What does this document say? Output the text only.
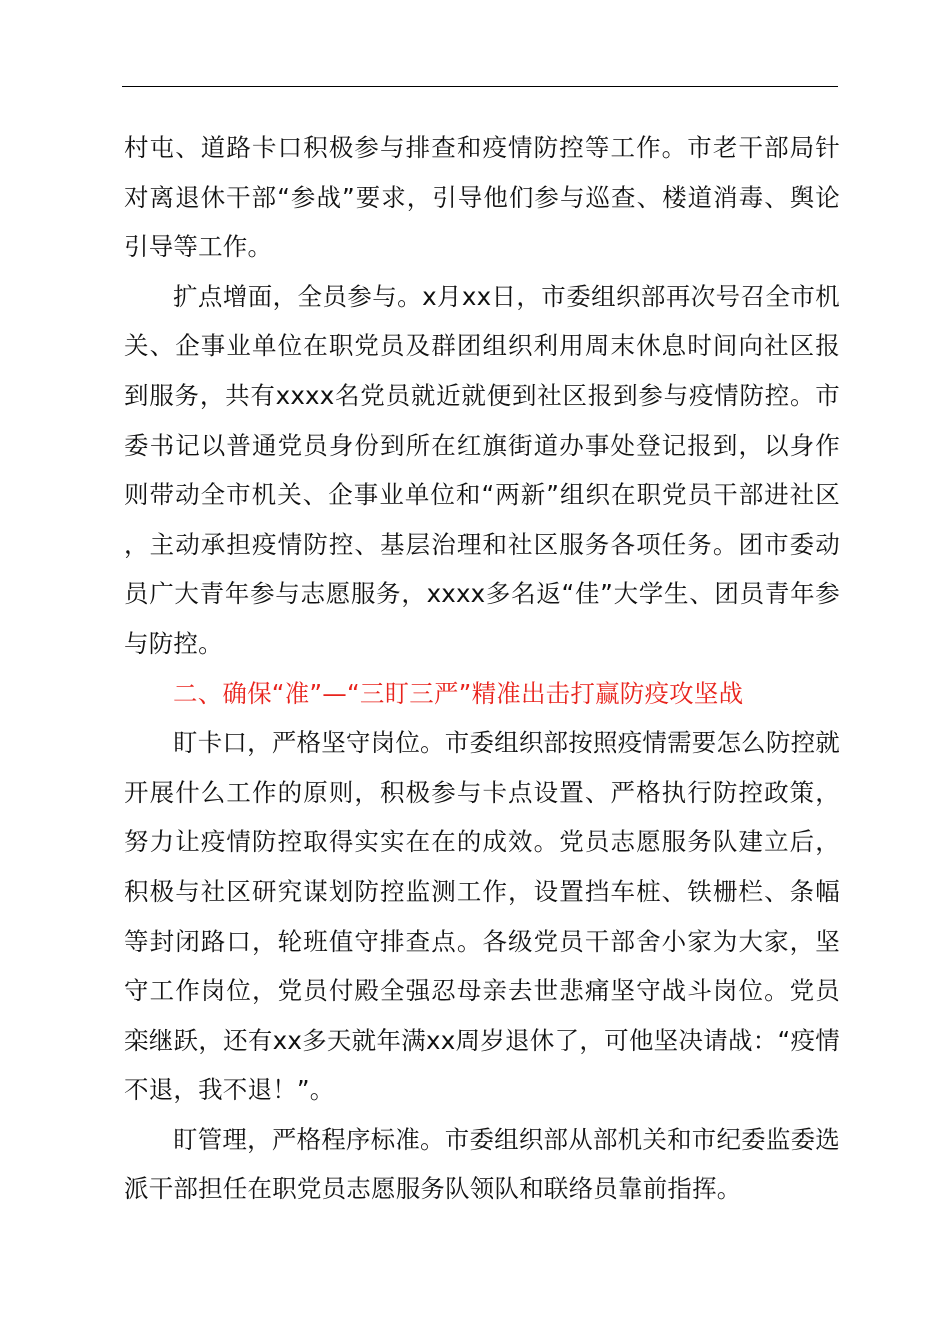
村屯、道路卡口积极参与排查和疫情防控等工作。市老干部局针对离退休干部“参战”要求，引导他们参与巡查、楼道消毒、舆论引导等工作。

扩点增面，全员参与。x月xx日，市委组织部再次号召全市机关、企事业单位在职党员及群团组织利用周末休息时间向社区报到服务，共有xxxx名党员就近就便到社区报到参与疫情防控。市委书记以普通党员身份到所在红旗街道办事处登记报到，以身作则带动全市机关、企事业单位和“两新”组织在职党员干部进社区，主动承担疫情防控、基层治理和社区服务各项任务。团市委动员广大青年参与志愿服务，xxxx多名返“佳”大学生、团员青年参与防控。

二、确保“准”—“三盯三严”精准出击打赢防疫攻坚战

盯卡口，严格坚守岗位。市委组织部按照疫情需要怎么防控就开展什么工作的原则，积极参与卡点设置、严格执行防控政策，努力让疫情防控取得实实在在的成效。党员志愿服务队建立后，积极与社区研究谋划防控监测工作，设置挡车桩、铁栅栏、条幅等封闭路口，轮班值守排查点。各级党员干部舍小家为大家，坚守工作岗位，党员付殿全强忍母亲去世悲痛坚守战斗岗位。党员栾继跃，还有xx多天就年满xx周岁退休了，可他坚决请战：“疫情不退，我不退！”。

盯管理，严格程序标准。市委组织部从部机关和市纪委监委选派干部担任在职党员志愿服务队领队和联络员靠前指挥。
